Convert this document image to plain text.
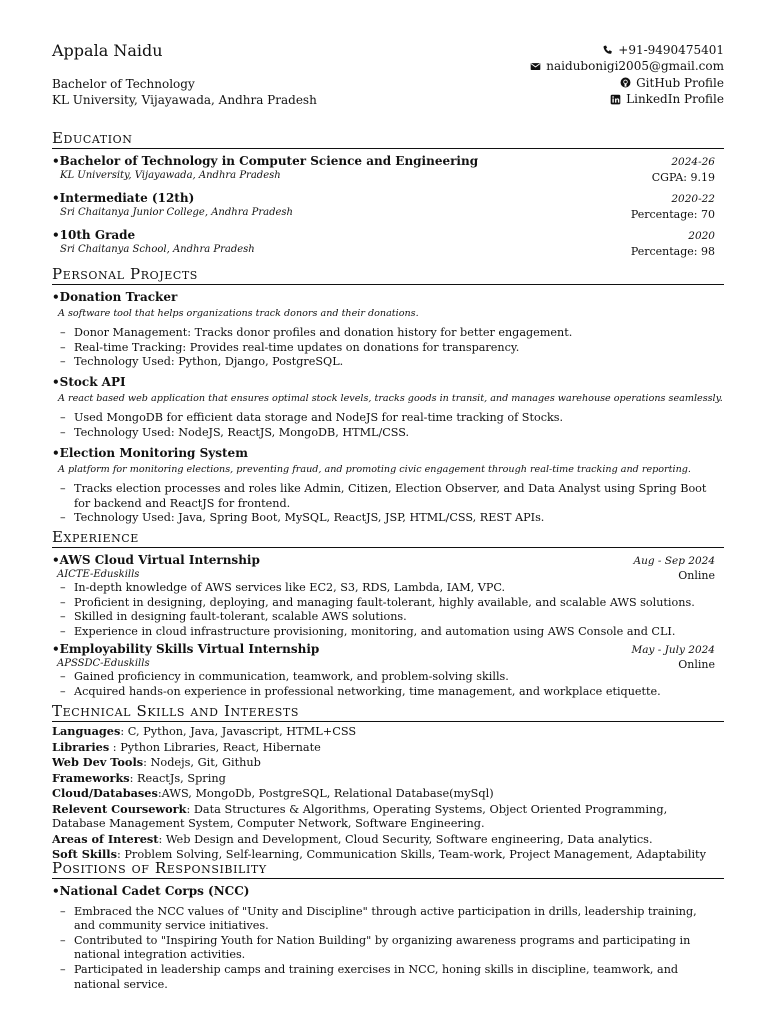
Appala Naidu
Bachelor of Technology
KL University, Vijayawada, Andhra Pradesh
+91-9490475401
naidubonigi2005@gmail.com
GitHub Profile
LinkedIn Profile
Education
•Bachelor of Technology in Computer Science and Engineering	2024-26
KL University, Vijayawada, Andhra Pradesh	CGPA: 9.19
•Intermediate (12th)	2020-22
Sri Chaitanya Junior College, Andhra Pradesh	Percentage: 70
•10th Grade	2020
Sri Chaitanya School, Andhra Pradesh	Percentage: 98
Personal Projects
•Donation Tracker
A software tool that helps organizations track donors and their donations.
– Donor Management: Tracks donor profiles and donation history for better engagement.
– Real-time Tracking: Provides real-time updates on donations for transparency.
– Technology Used: Python, Django, PostgreSQL.
•Stock API
A react based web application that ensures optimal stock levels, tracks goods in transit, and manages warehouse operations seamlessly.
– Used MongoDB for efficient data storage and NodeJS for real-time tracking of Stocks.
– Technology Used: NodeJS, ReactJS, MongoDB, HTML/CSS.
•Election Monitoring System
A platform for monitoring elections, preventing fraud, and promoting civic engagement through real-time tracking and reporting.
– Tracks election processes and roles like Admin, Citizen, Election Observer, and Data Analyst using Spring Boot for backend and ReactJS for frontend.
– Technology Used: Java, Spring Boot, MySQL, ReactJS, JSP, HTML/CSS, REST APIs.
Experience
•AWS Cloud Virtual Internship	Aug - Sep 2024
AICTE-Eduskills	Online
– In-depth knowledge of AWS services like EC2, S3, RDS, Lambda, IAM, VPC.
– Proficient in designing, deploying, and managing fault-tolerant, highly available, and scalable AWS solutions.
– Skilled in designing fault-tolerant, scalable AWS solutions.
– Experience in cloud infrastructure provisioning, monitoring, and automation using AWS Console and CLI.
•Employability Skills Virtual Internship	May - July 2024
APSSDC-Eduskills	Online
– Gained proficiency in communication, teamwork, and problem-solving skills.
– Acquired hands-on experience in professional networking, time management, and workplace etiquette.
Technical Skills and Interests
Languages: C, Python, Java, Javascript, HTML+CSS
Libraries : Python Libraries, React, Hibernate
Web Dev Tools: Nodejs, Git, Github
Frameworks: ReactJs, Spring
Cloud/Databases:AWS, MongoDb, PostgreSQL, Relational Database(mySql)
Relevent Coursework: Data Structures & Algorithms, Operating Systems, Object Oriented Programming, Database Management System, Computer Network, Software Engineering.
Areas of Interest: Web Design and Development, Cloud Security, Software engineering, Data analytics.
Soft Skills: Problem Solving, Self-learning, Communication Skills, Team-work, Project Management, Adaptability
Positions of Responsibility
•National Cadet Corps (NCC)
– Embraced the NCC values of "Unity and Discipline" through active participation in drills, leadership training, and community service initiatives.
– Contributed to "Inspiring Youth for Nation Building" by organizing awareness programs and participating in national integration activities.
– Participated in leadership camps and training exercises in NCC, honing skills in discipline, teamwork, and national service.
